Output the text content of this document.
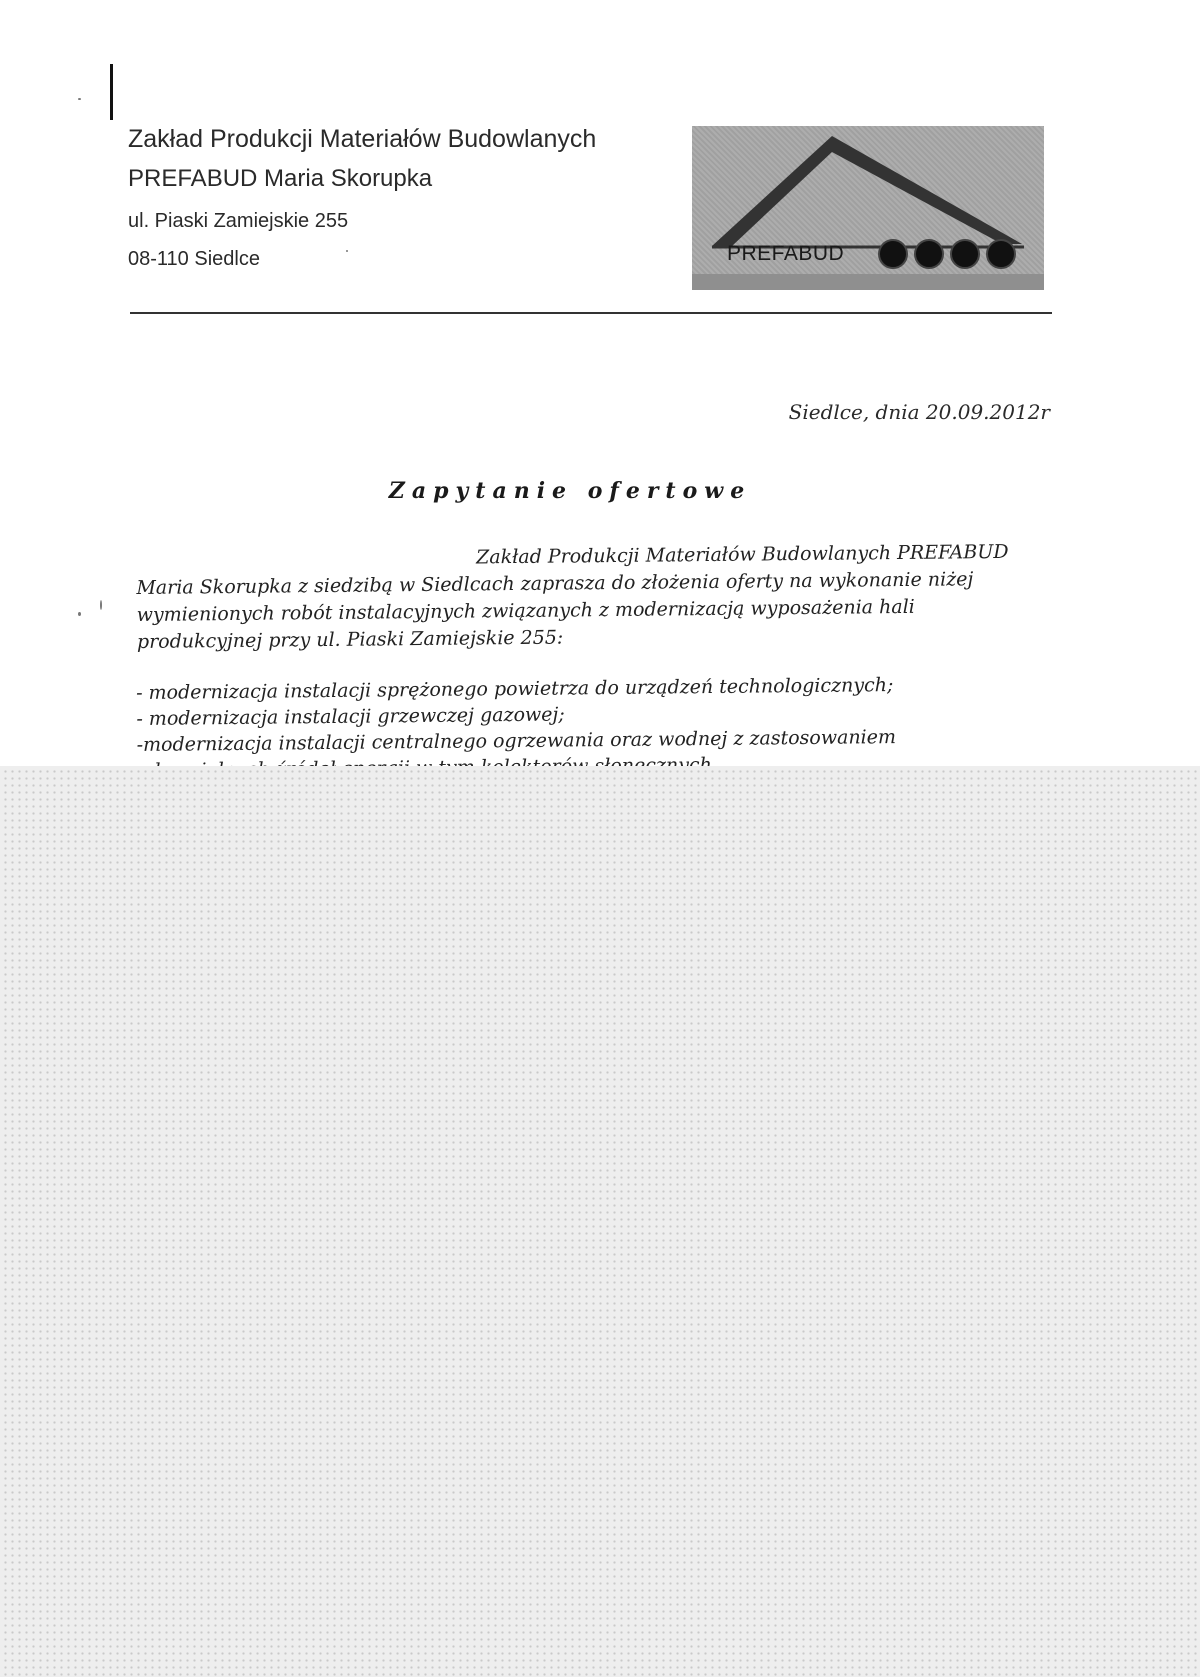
Zakład Produkcji Materiałów Budowlanych
PREFABUD Maria Skorupka
ul. Piaski Zamiejskie 255
08-110 Siedlce	PREFABUD
Siedlce, dnia 20.09.2012r
Zapytanie ofertowe
Zakład Produkcji Materiałów Budowlanych PREFABUD
Maria Skorupka z siedzibą w Siedlcach zaprasza do złożenia oferty na wykonanie niżej
wymienionych robót instalacyjnych związanych z modernizacją wyposażenia hali
produkcyjnej przy ul. Piaski Zamiejskie 255:
- modernizacja instalacji sprężonego powietrza do urządzeń technologicznych;
- modernizacja instalacji grzewczej gazowej;
-modernizacja instalacji centralnego ogrzewania oraz wodnej z zastosowaniem
